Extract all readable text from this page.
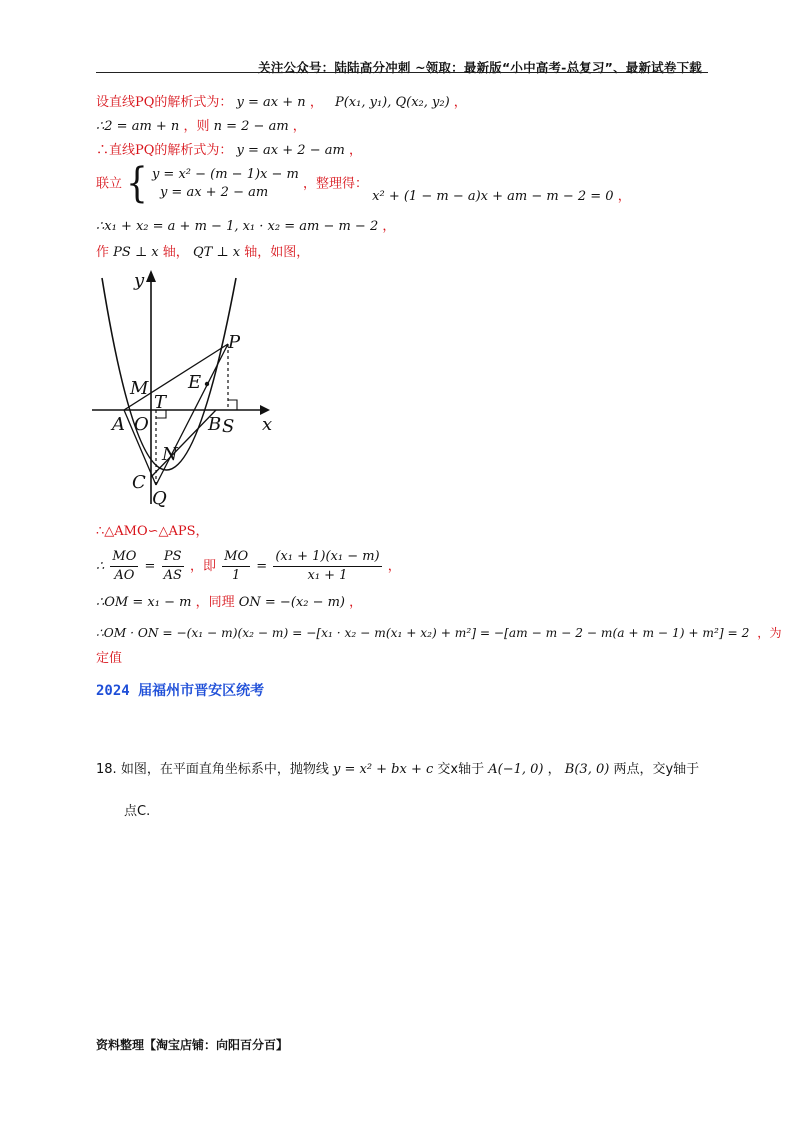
关注公众号：陆陆高分冲刺 ~领取：最新版“小中高考-总复习”、最新试卷下载
设直线PQ的解析式为： y = ax + n ， P(x₁, y₁), Q(x₂, y₂) ，
∴2 = am + n ，则 n = 2 − am ，
∴直线PQ的解析式为： y = ax + 2 − am ，
联立 { y = x² − (m − 1)x − m
y = ax + 2 − am
，整理得： x² + (1 − m − a)x + am − m − 2 = 0 ，
∴x₁ + x₂ = a + m − 1, x₁ · x₂ = am − m − 2 ，
作 PS ⊥ x 轴， QT ⊥ x 轴，如图，
y
x
P
M E
T
A O	B S
N
C
Q
∴△AMO∽△APS，
∴ $\frac{MO}{AO} = \frac{PS}{AS}$ ，即 $\frac{MO}{1} = \frac{\text{(x₁ + 1)(x₁ − m)}}{\text{x₁ + 1}}$ ，
∴OM = x₁ − m ，同理 ON = −(x₂ − m) ，
∴OM · ON = −(x₁ − m)(x₂ − m) = −[x₁ · x₂ − m(x₁ + x₂) + m²] = −[am − m − 2 − m(a + m − 1) + m²] = 2 ，为
定值
2024 届福州市晋安区统考
18. 如图，在平面直角坐标系中，抛物线 y = x² + bx + c 交x轴于 A(−1, 0) ， B(3, 0) 两点，交y轴于
点C.
资料整理【淘宝店铺：向阳百分百】
